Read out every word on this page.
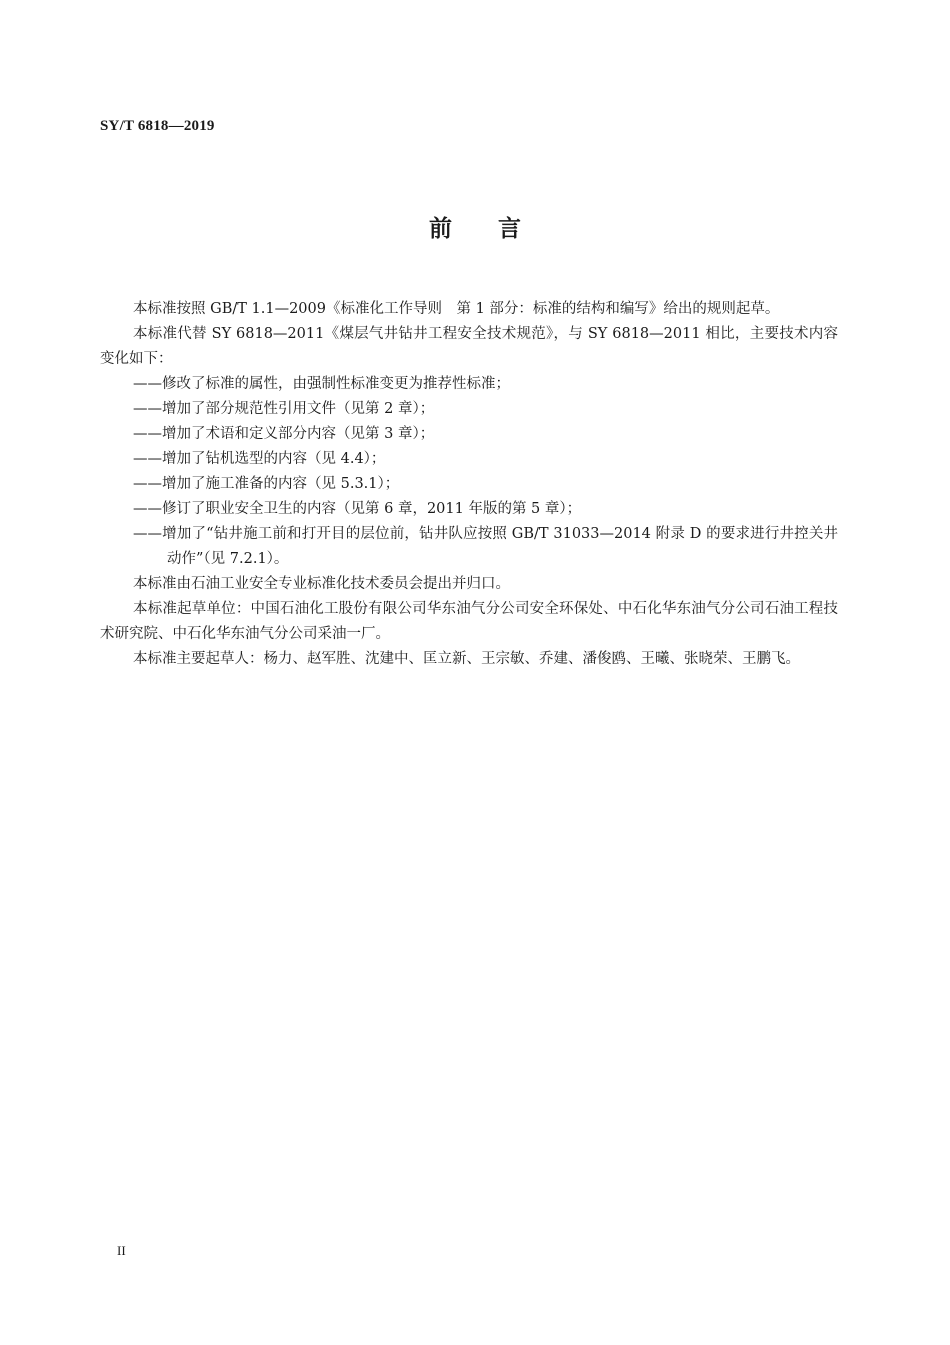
SY/T 6818—2019
前 言

本标准按照 GB/T 1.1—2009《标准化工作导则　第 1 部分：标准的结构和编写》给出的规则起草。

本标准代替 SY 6818—2011《煤层气井钻井工程安全技术规范》，与 SY 6818—2011 相比，主要技术内容变化如下：

——修改了标准的属性，由强制性标准变更为推荐性标准；

——增加了部分规范性引用文件（见第 2 章）；

——增加了术语和定义部分内容（见第 3 章）；

——增加了钻机选型的内容（见 4.4）；

——增加了施工准备的内容（见 5.3.1）；

——修订了职业安全卫生的内容（见第 6 章，2011 年版的第 5 章）；

——增加了“钻井施工前和打开目的层位前，钻井队应按照 GB/T 31033—2014 附录 D 的要求进行井控关井动作”（见 7.2.1）。

本标准由石油工业安全专业标准化技术委员会提出并归口。

本标准起草单位：中国石油化工股份有限公司华东油气分公司安全环保处、中石化华东油气分公司石油工程技术研究院、中石化华东油气分公司采油一厂。

本标准主要起草人：杨力、赵军胜、沈建中、匡立新、王宗敏、乔建、潘俊鸥、王曦、张晓荣、王鹏飞。

II
